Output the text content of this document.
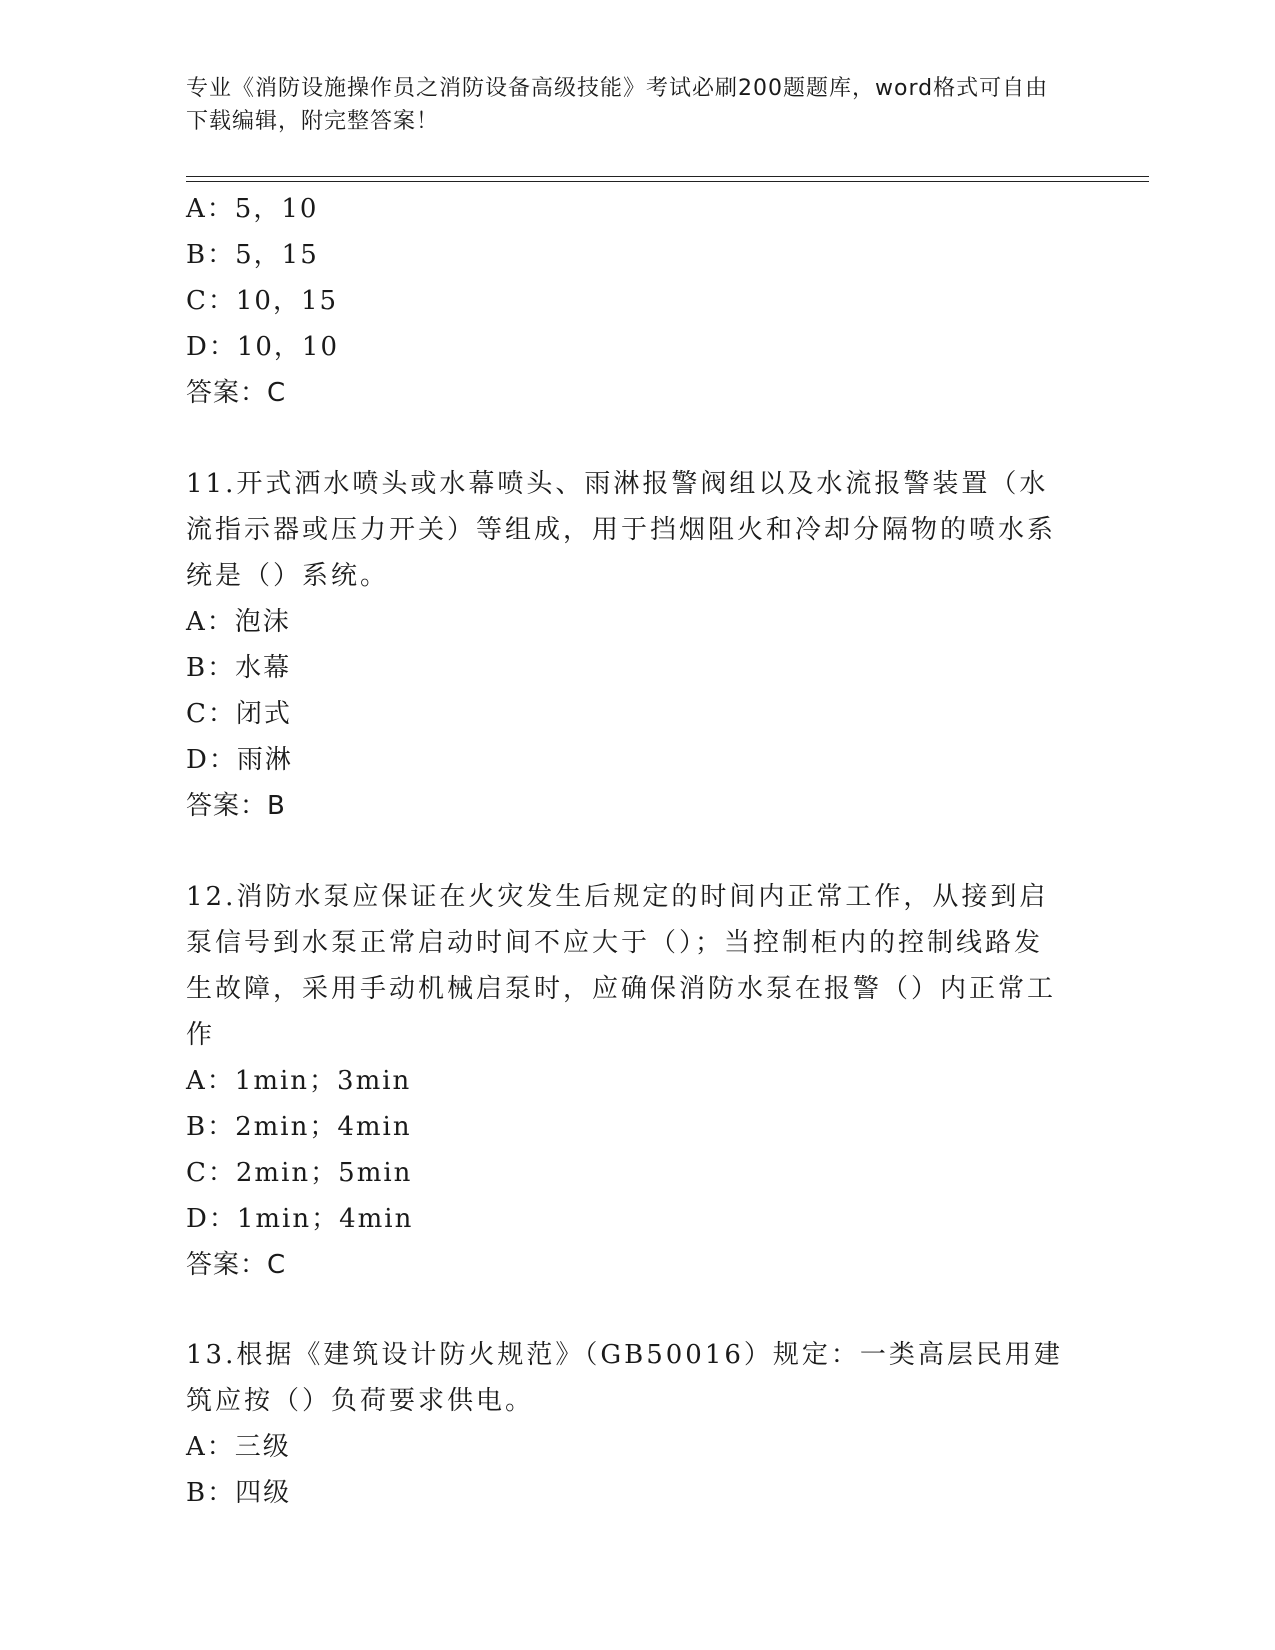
专业《消防设施操作员之消防设备高级技能》考试必刷200题题库，word格式可自由下载编辑，附完整答案！
A：5，10
B：5，15
C：10，15
D：10，10
答案：C
11.开式洒水喷头或水幕喷头、雨淋报警阀组以及水流报警装置（水流指示器或压力开关）等组成，用于挡烟阻火和冷却分隔物的喷水系统是（）系统。
A：泡沫
B：水幕
C：闭式
D：雨淋
答案：B
12.消防水泵应保证在火灾发生后规定的时间内正常工作，从接到启泵信号到水泵正常启动时间不应大于（）；当控制柜内的控制线路发生故障，采用手动机械启泵时，应确保消防水泵在报警（）内正常工作
A：1min；3min
B：2min；4min
C：2min；5min
D：1min；4min
答案：C
13.根据《建筑设计防火规范》（GB50016）规定：一类高层民用建筑应按（）负荷要求供电。
A：三级
B：四级
